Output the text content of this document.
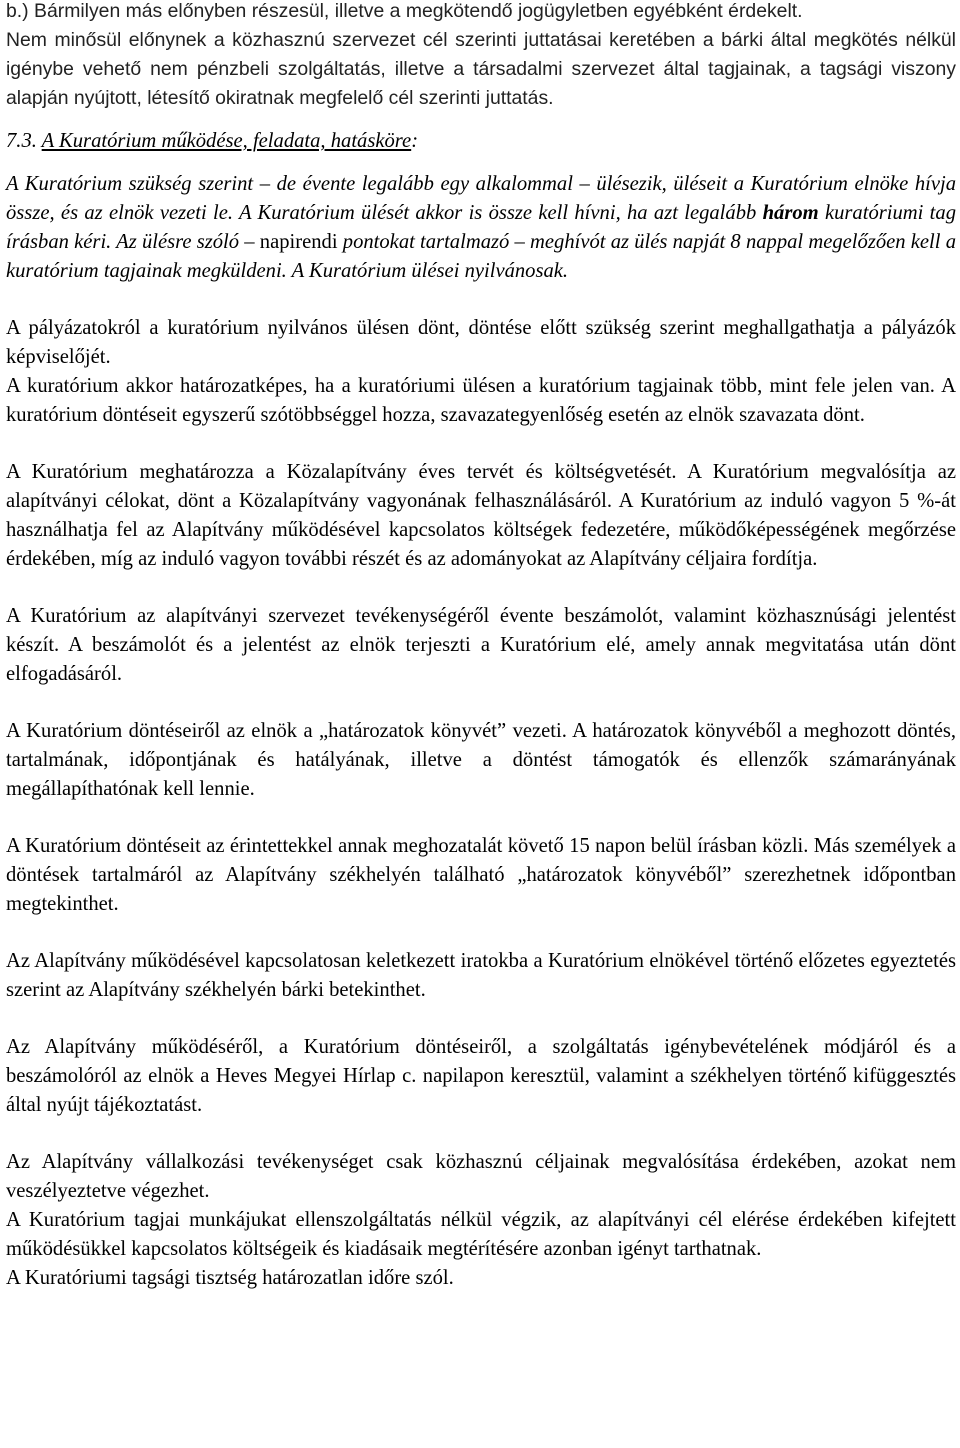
b.) Bármilyen más előnyben részesül, illetve a megkötendő jogügyletben egyébként érdekelt.

Nem minősül előnynek a közhasznú szervezet cél szerinti juttatásai keretében a bárki által megkötés nélkül igénybe vehető nem pénzbeli szolgáltatás, illetve a társadalmi szervezet által tagjainak, a tagsági viszony alapján nyújtott, létesítő okiratnak megfelelő cél szerinti juttatás.

7.3. A Kuratórium működése, feladata, hatásköre:

A Kuratórium szükség szerint – de évente legalább egy alkalommal – ülésezik, üléseit a Kuratórium elnöke hívja össze, és az elnök vezeti le. A Kuratórium ülését akkor is össze kell hívni, ha azt legalább három kuratóriumi tag írásban kéri. Az ülésre szóló – napirendi pontokat tartalmazó – meghívót az ülés napját 8 nappal megelőzően kell a kuratórium tagjainak megküldeni. A Kuratórium ülései nyilvánosak.

A pályázatokról a kuratórium nyilvános ülésen dönt, döntése előtt szükség szerint meghallgathatja a pályázók képviselőjét.

A kuratórium akkor határozatképes, ha a kuratóriumi ülésen a kuratórium tagjainak több, mint fele jelen van. A kuratórium döntéseit egyszerű szótöbbséggel hozza, szavazategyenlőség esetén az elnök szavazata dönt.

A Kuratórium meghatározza a Közalapítvány éves tervét és költségvetését. A Kuratórium megvalósítja az alapítványi célokat, dönt a Közalapítvány vagyonának felhasználásáról. A Kuratórium az induló vagyon 5 %-át használhatja fel az Alapítvány működésével kapcsolatos költségek fedezetére, működőképességének megőrzése érdekében, míg az induló vagyon további részét és az adományokat az Alapítvány céljaira fordítja.

A Kuratórium az alapítványi szervezet tevékenységéről évente beszámolót, valamint közhasznúsági jelentést készít. A beszámolót és a jelentést az elnök terjeszti a Kuratórium elé, amely annak megvitatása után dönt elfogadásáról.

A Kuratórium döntéseiről az elnök a „határozatok könyvét” vezeti. A határozatok könyvéből a meghozott döntés, tartalmának, időpontjának és hatályának, illetve a döntést támogatók és ellenzők számarányának megállapíthatónak kell lennie.

A Kuratórium döntéseit az érintettekkel annak meghozatalát követő 15 napon belül írásban közli. Más személyek a döntések tartalmáról az Alapítvány székhelyén található „határozatok könyvéből” szerezhetnek időpontban megtekinthet.

Az Alapítvány működésével kapcsolatosan keletkezett iratokba a Kuratórium elnökével történő előzetes egyeztetés szerint az Alapítvány székhelyén bárki betekinthet.

Az Alapítvány működéséről, a Kuratórium döntéseiről, a szolgáltatás igénybevételének módjáról és a beszámolóról az elnök a Heves Megyei Hírlap c. napilapon keresztül, valamint a székhelyen történő kifüggesztés által nyújt tájékoztatást.

Az Alapítvány vállalkozási tevékenységet csak közhasznú céljainak megvalósítása érdekében, azokat nem veszélyeztetve végezhet.

A Kuratórium tagjai munkájukat ellenszolgáltatás nélkül végzik, az alapítványi cél elérése érdekében kifejtett működésükkel kapcsolatos költségeik és kiadásaik megtérítésére azonban igényt tarthatnak.

A Kuratóriumi tagsági tisztség határozatlan időre szól.
